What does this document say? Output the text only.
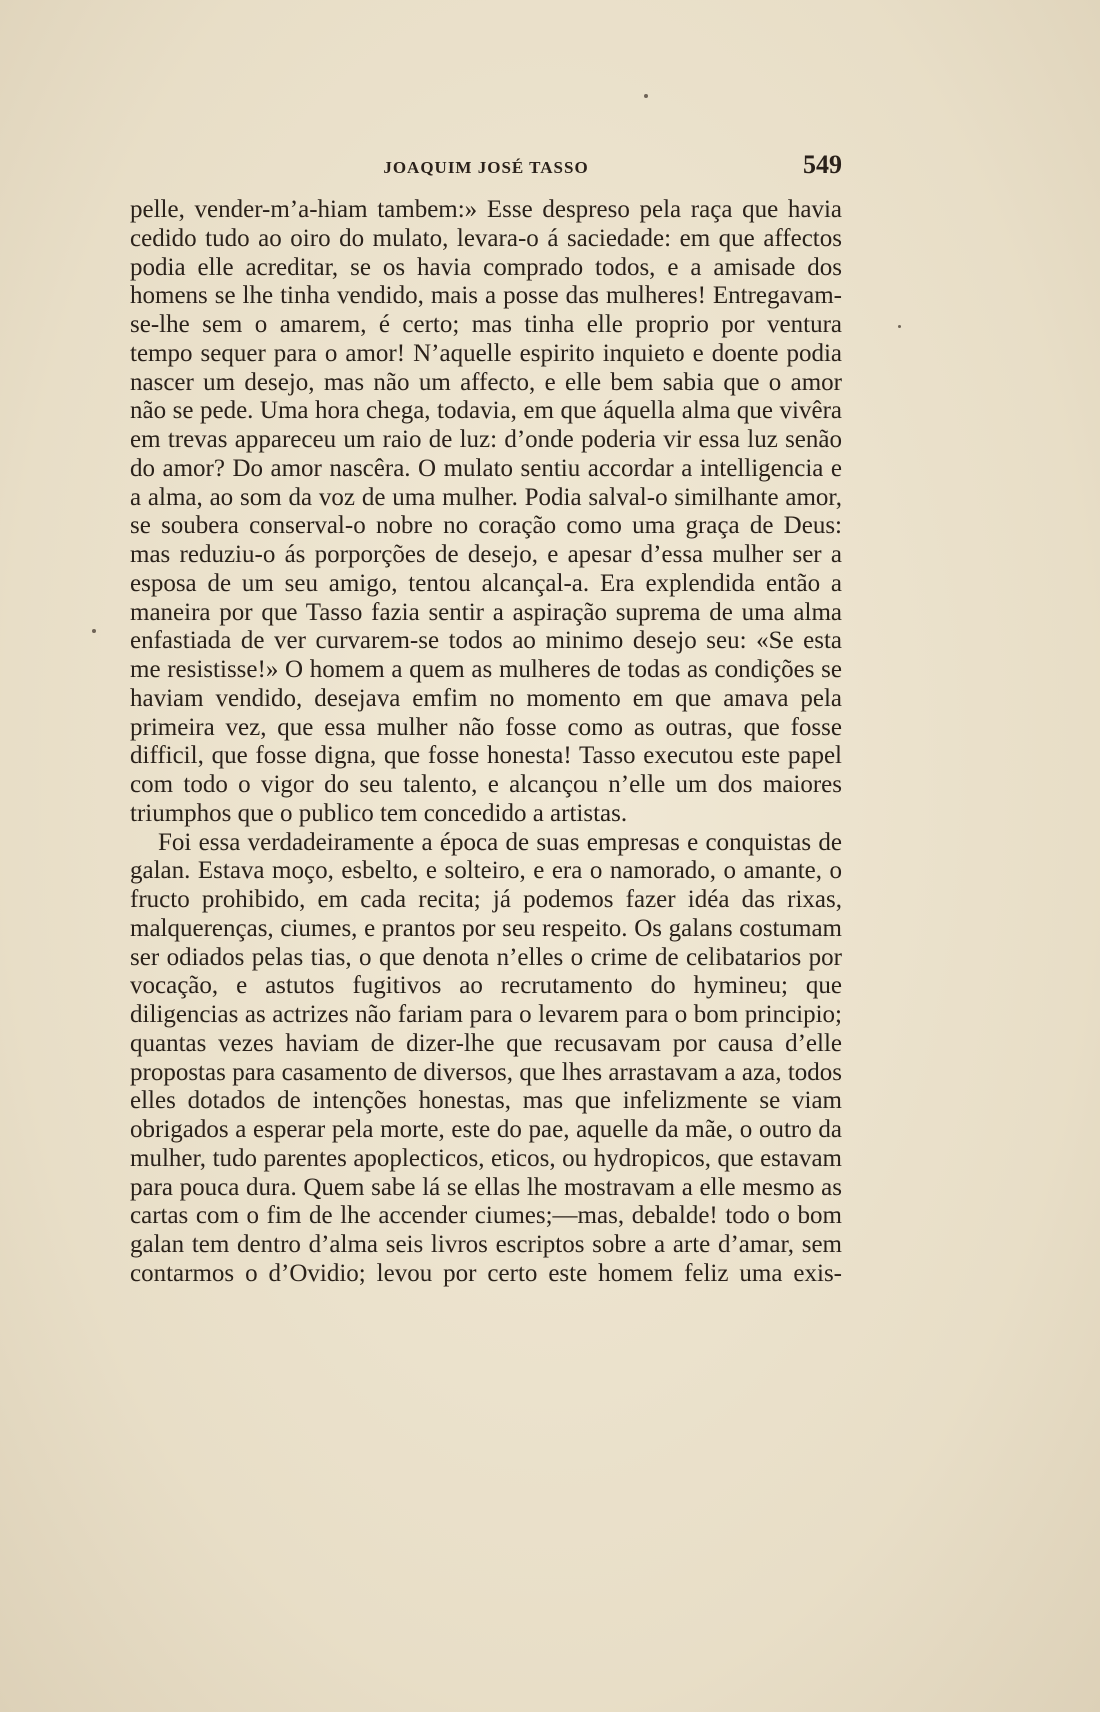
JOAQUIM JOSÉ TASSO	549

pelle, vender-m’a-hiam tambem:» Esse despreso pela raça que havia cedido tudo ao oiro do mulato, levara-o á saciedade: em que affectos podia elle acreditar, se os havia comprado todos, e a amisade dos homens se lhe tinha vendido, mais a posse das mulheres! Entregavam-se-lhe sem o amarem, é certo; mas tinha elle proprio por ventura tempo sequer para o amor! N’aquelle espirito inquieto e doente podia nascer um desejo, mas não um affecto, e elle bem sabia que o amor não se pede. Uma hora chega, todavia, em que áquella alma que vivêra em trevas appareceu um raio de luz: d’onde poderia vir essa luz senão do amor? Do amor nascêra. O mulato sentiu accordar a intelligencia e a alma, ao som da voz de uma mulher. Podia salval-o similhante amor, se soubera conserval-o nobre no coração como uma graça de Deus: mas reduziu-o ás porporções de desejo, e apesar d’essa mulher ser a esposa de um seu amigo, tentou alcançal-a. Era explendida então a maneira por que Tasso fazia sentir a aspiração suprema de uma alma enfastiada de ver curvarem-se todos ao minimo desejo seu: «Se esta me resistisse!» O homem a quem as mulheres de todas as condições se haviam vendido, desejava emfim no momento em que amava pela primeira vez, que essa mulher não fosse como as outras, que fosse difficil, que fosse digna, que fosse honesta! Tasso executou este papel com todo o vigor do seu talento, e alcançou n’elle um dos maiores triumphos que o publico tem concedido a artistas.

Foi essa verdadeiramente a época de suas empresas e conquistas de galan. Estava moço, esbelto, e solteiro, e era o namorado, o amante, o fructo prohibido, em cada recita; já podemos fazer idéa das rixas, malquerenças, ciumes, e prantos por seu respeito. Os galans costumam ser odiados pelas tias, o que denota n’elles o crime de celibatarios por vocação, e astutos fugitivos ao recrutamento do hymineu; que diligencias as actrizes não fariam para o levarem para o bom principio; quantas vezes haviam de dizer-lhe que recusavam por causa d’elle propostas para casamento de diversos, que lhes arrastavam a aza, todos elles dotados de intenções honestas, mas que infelizmente se viam obrigados a esperar pela morte, este do pae, aquelle da mãe, o outro da mulher, tudo parentes apoplecticos, eticos, ou hydropicos, que estavam para pouca dura. Quem sabe lá se ellas lhe mostravam a elle mesmo as cartas com o fim de lhe accender ciumes;—mas, debalde! todo o bom galan tem dentro d’alma seis livros escriptos sobre a arte d’amar, sem contarmos o d’Ovidio; levou por certo este homem feliz uma exis-
